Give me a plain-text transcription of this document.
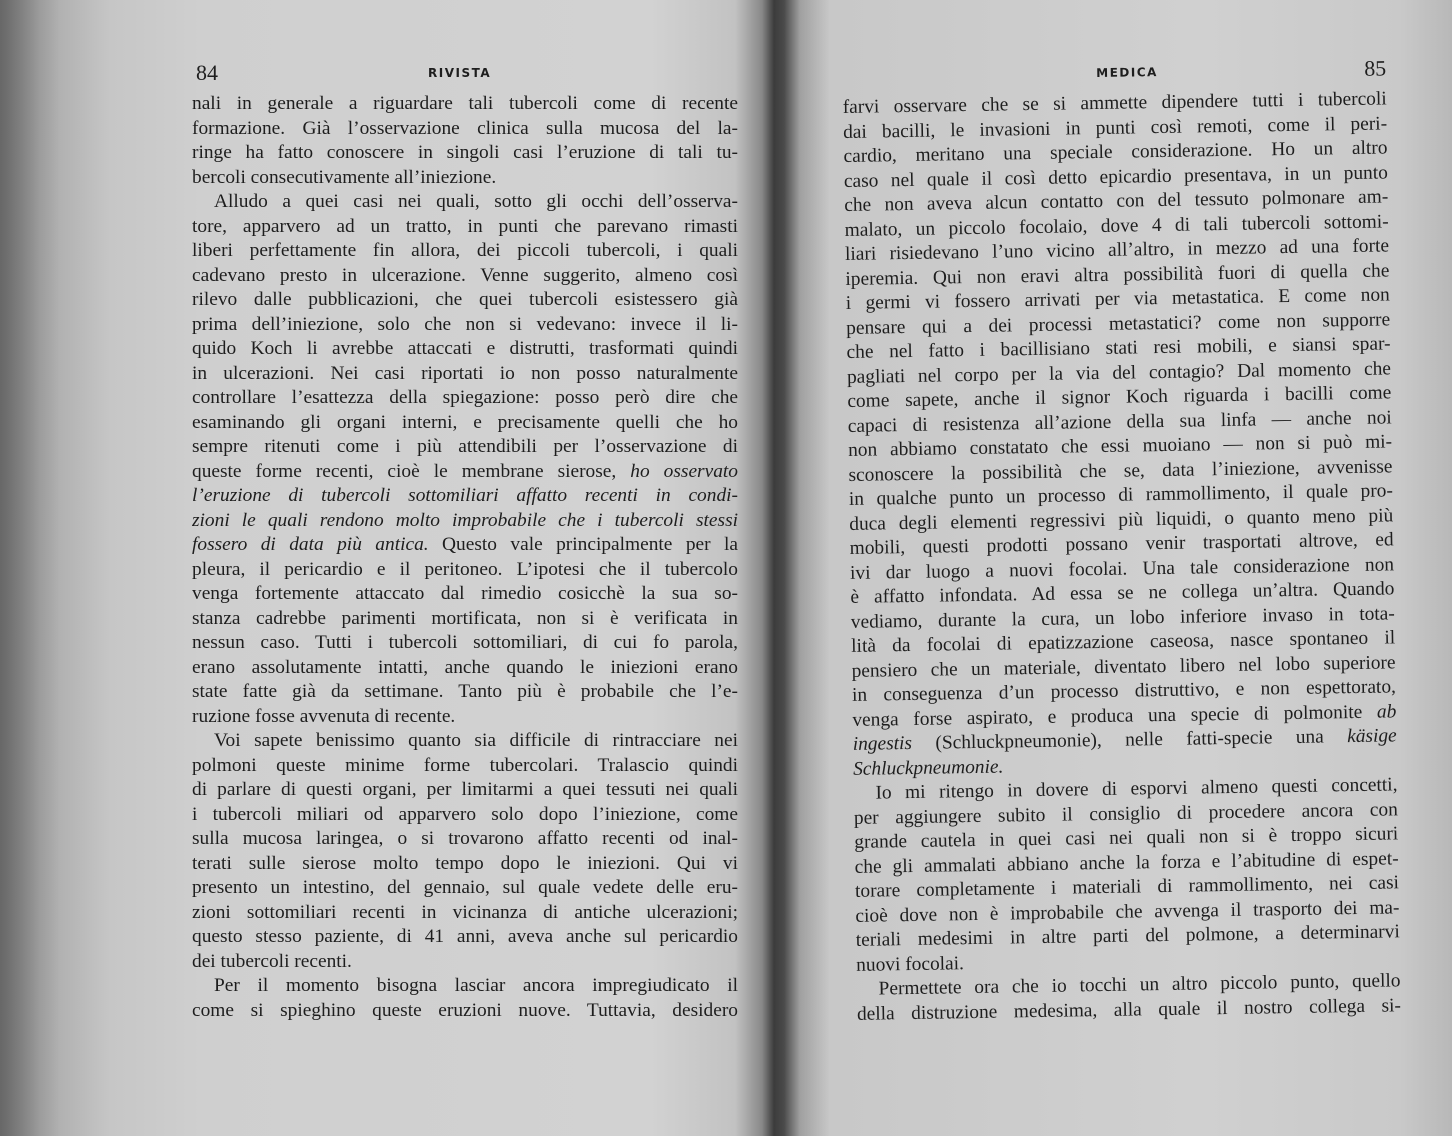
84	RIVISTA
nali in generale a riguardare tali tubercoli come di recente
formazione. Già l’osservazione clinica sulla mucosa del la-
ringe ha fatto conoscere in singoli casi l’eruzione di tali tu-
bercoli consecutivamente all’iniezione.
Alludo a quei casi nei quali, sotto gli occhi dell’osserva-
tore, apparvero ad un tratto, in punti che parevano rimasti
liberi perfettamente fin allora, dei piccoli tubercoli, i quali
cadevano presto in ulcerazione. Venne suggerito, almeno così
rilevo dalle pubblicazioni, che quei tubercoli esistessero già
prima dell’iniezione, solo che non si vedevano: invece il li-
quido Koch li avrebbe attaccati e distrutti, trasformati quindi
in ulcerazioni. Nei casi riportati io non posso naturalmente
controllare l’esattezza della spiegazione: posso però dire che
esaminando gli organi interni, e precisamente quelli che ho
sempre ritenuti come i più attendibili per l’osservazione di
queste forme recenti, cioè le membrane sierose, ho osservato
l’eruzione di tubercoli sottomiliari affatto recenti in condi-
zioni le quali rendono molto improbabile che i tubercoli stessi
fossero di data più antica. Questo vale principalmente per la
pleura, il pericardio e il peritoneo. L’ipotesi che il tubercolo
venga fortemente attaccato dal rimedio cosicchè la sua so-
stanza cadrebbe parimenti mortificata, non si è verificata in
nessun caso. Tutti i tubercoli sottomiliari, di cui fo parola,
erano assolutamente intatti, anche quando le iniezioni erano
state fatte già da settimane. Tanto più è probabile che l’e-
ruzione fosse avvenuta di recente.
Voi sapete benissimo quanto sia difficile di rintracciare nei
polmoni queste minime forme tubercolari. Tralascio quindi
di parlare di questi organi, per limitarmi a quei tessuti nei quali
i tubercoli miliari od apparvero solo dopo l’iniezione, come
sulla mucosa laringea, o si trovarono affatto recenti od inal-
terati sulle sierose molto tempo dopo le iniezioni. Qui vi
presento un intestino, del gennaio, sul quale vedete delle eru-
zioni sottomiliari recenti in vicinanza di antiche ulcerazioni;
questo stesso paziente, di 41 anni, aveva anche sul pericardio
dei tubercoli recenti.
Per il momento bisogna lasciar ancora impregiudicato il
come si spieghino queste eruzioni nuove. Tuttavia, desidero
MEDICA	85
farvi osservare che se si ammette dipendere tutti i tubercoli
dai bacilli, le invasioni in punti così remoti, come il peri-
cardio, meritano una speciale considerazione. Ho un altro
caso nel quale il così detto epicardio presentava, in un punto
che non aveva alcun contatto con del tessuto polmonare am-
malato, un piccolo focolaio, dove 4 di tali tubercoli sottomi-
liari risiedevano l’uno vicino all’altro, in mezzo ad una forte
iperemia. Qui non eravi altra possibilità fuori di quella che
i germi vi fossero arrivati per via metastatica. E come non
pensare qui a dei processi metastatici? come non supporre
che nel fatto i bacillisiano stati resi mobili, e siansi spar-
pagliati nel corpo per la via del contagio? Dal momento che
come sapete, anche il signor Koch riguarda i bacilli come
capaci di resistenza all’azione della sua linfa — anche noi
non abbiamo constatato che essi muoiano — non si può mi-
sconoscere la possibilità che se, data l’iniezione, avvenisse
in qualche punto un processo di rammollimento, il quale pro-
duca degli elementi regressivi più liquidi, o quanto meno più
mobili, questi prodotti possano venir trasportati altrove, ed
ivi dar luogo a nuovi focolai. Una tale considerazione non
è affatto infondata. Ad essa se ne collega un’altra. Quando
vediamo, durante la cura, un lobo inferiore invaso in tota-
lità da focolai di epatizzazione caseosa, nasce spontaneo il
pensiero che un materiale, diventato libero nel lobo superiore
in conseguenza d’un processo distruttivo, e non espettorato,
venga forse aspirato, e produca una specie di polmonite ab
ingestis (Schluckpneumonie), nelle fatti-specie una käsige
Schluckpneumonie.
Io mi ritengo in dovere di esporvi almeno questi concetti,
per aggiungere subito il consiglio di procedere ancora con
grande cautela in quei casi nei quali non si è troppo sicuri
che gli ammalati abbiano anche la forza e l’abitudine di espet-
torare completamente i materiali di rammollimento, nei casi
cioè dove non è improbabile che avvenga il trasporto dei ma-
teriali medesimi in altre parti del polmone, a determinarvi
nuovi focolai.
Permettete ora che io tocchi un altro piccolo punto, quello
della distruzione medesima, alla quale il nostro collega si-
